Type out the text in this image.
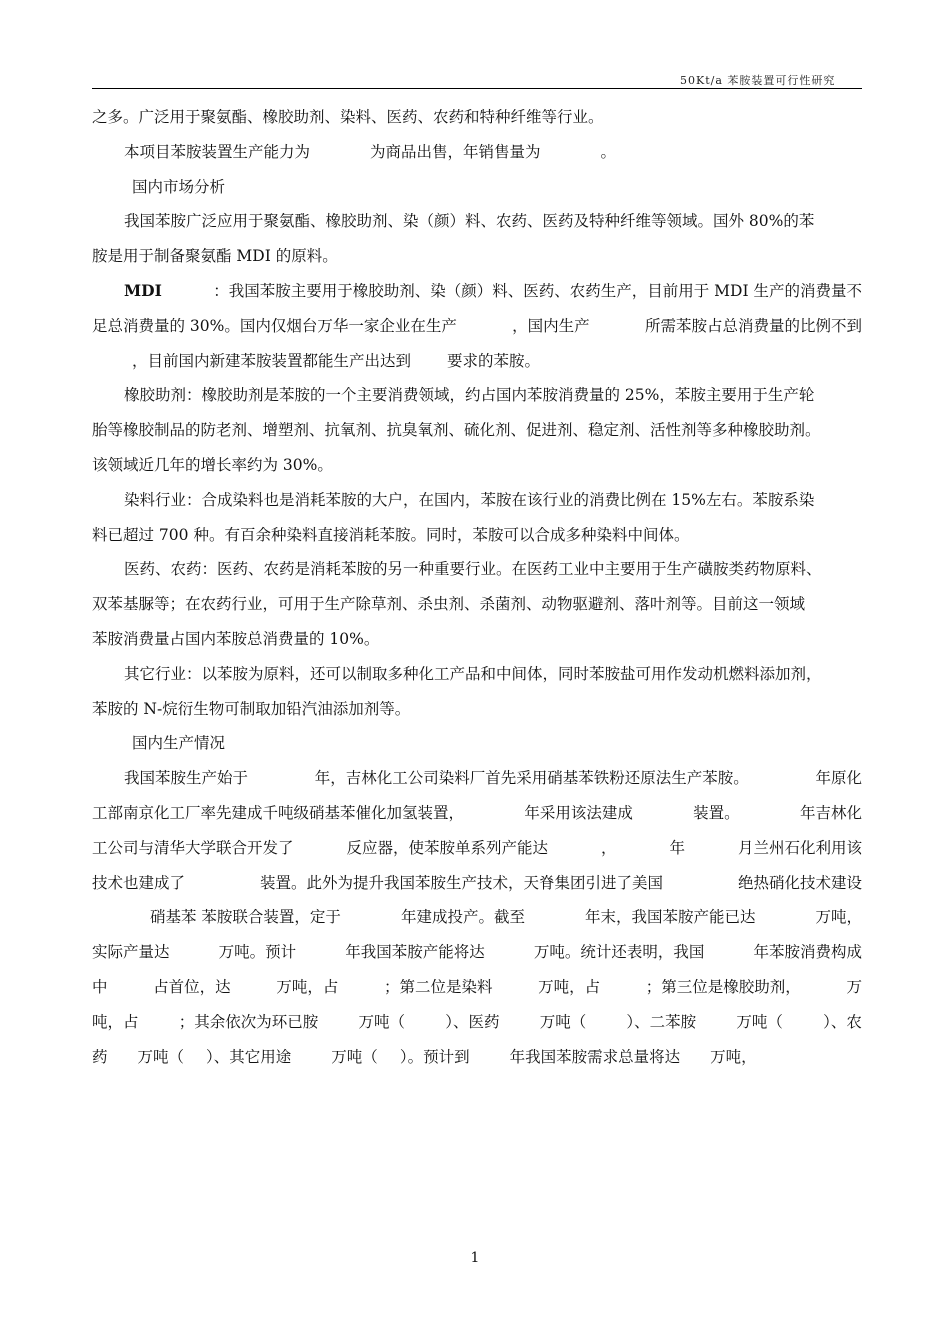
50Kt/a 苯胺装置可行性研究
之多。广泛用于聚氨酯、橡胶助剂、染料、医药、农药和特种纤维等行业。
本项目苯胺装置生产能力为	为商品出售，年销售量为	。
国内市场分析
我国苯胺广泛应用于聚氨酯、橡胶助剂、染（颜）料、农药、医药及特种纤维等领域。国外 80%的苯
胺是用于制备聚氨酯 MDI 的原料。
MDI	：我国苯胺主要用于橡胶助剂、染（颜）料、医药、农药生产，目前用于 MDI 生产的消费量不
足总消费量的 30%。国内仅烟台万华一家企业在生产	，国内生产	所需苯胺占总消费量的比例不到
，目前国内新建苯胺装置都能生产出达到 要求的苯胺。
橡胶助剂：橡胶助剂是苯胺的一个主要消费领域，约占国内苯胺消费量的 25%，苯胺主要用于生产轮
胎等橡胶制品的防老剂、增塑剂、抗氧剂、抗臭氧剂、硫化剂、促进剂、稳定剂、活性剂等多种橡胶助剂。
该领域近几年的增长率约为 30%。
染料行业：合成染料也是消耗苯胺的大户，在国内，苯胺在该行业的消费比例在 15%左右。苯胺系染
料已超过 700 种。有百余种染料直接消耗苯胺。同时，苯胺可以合成多种染料中间体。
医药、农药：医药、农药是消耗苯胺的另一种重要行业。在医药工业中主要用于生产磺胺类药物原料、
双苯基脲等；在农药行业，可用于生产除草剂、杀虫剂、杀菌剂、动物驱避剂、落叶剂等。目前这一领域
苯胺消费量占国内苯胺总消费量的 10%。
其它行业：以苯胺为原料，还可以制取多种化工产品和中间体，同时苯胺盐可用作发动机燃料添加剂，
苯胺的 N-烷衍生物可制取加铅汽油添加剂等。
国内生产情况
我国苯胺生产始于	年，吉林化工公司染料厂首先采用硝基苯铁粉还原法生产苯胺。	年原化
工部南京化工厂率先建成千吨级硝基苯催化加氢装置，	年采用该法建成	装置。	年吉林化
工公司与清华大学联合开发了	反应器，使苯胺单系列产能达	，	年	月兰州石化利用该
技术也建成了	装置。此外为提升我国苯胺生产技术，天脊集团引进了美国	绝热硝化技术建设
硝基苯 苯胺联合装置，定于	年建成投产。截至	年末，我国苯胺产能已达	万吨，
实际产量达	万吨。预计	年我国苯胺产能将达	万吨。统计还表明，我国	年苯胺消费构成
中	占首位，达	万吨，占	；第二位是染料	万吨，占	；第三位是橡胶助剂，	万
吨，占	；其余依次为环已胺	万吨（	）、医药	万吨（	）、二苯胺	万吨（	）、农
药 万吨（ ）、其它用途	万吨（ ）。预计到	年我国苯胺需求总量将达 万吨，
1
